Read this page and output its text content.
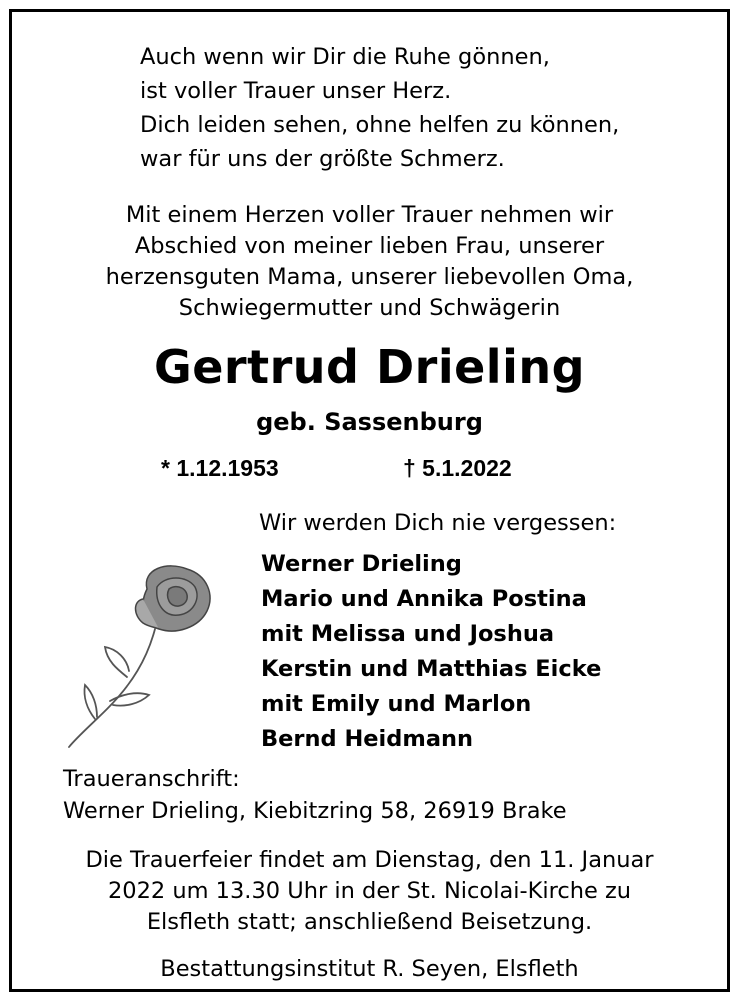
Auch wenn wir Dir die Ruhe gönnen,
ist voller Trauer unser Herz.
Dich leiden sehen, ohne helfen zu können,
war für uns der größte Schmerz.
Mit einem Herzen voller Trauer nehmen wir
Abschied von meiner lieben Frau, unserer
herzensguten Mama, unserer liebevollen Oma,
Schwiegermutter und Schwägerin
Gertrud Drieling
geb. Sassenburg
* 1.12.1953	† 5.1.2022
Wir werden Dich nie vergessen:
Werner Drieling
Mario und Annika Postina
mit Melissa und Joshua
Kerstin und Matthias Eicke
mit Emily und Marlon
Bernd Heidmann
Traueranschrift:
Werner Drieling, Kiebitzring 58, 26919 Brake
Die Trauerfeier findet am Dienstag, den 11. Januar
2022 um 13.30 Uhr in der St. Nicolai-Kirche zu
Elsfleth statt; anschließend Beisetzung.
Bestattungsinstitut R. Seyen, Elsfleth
